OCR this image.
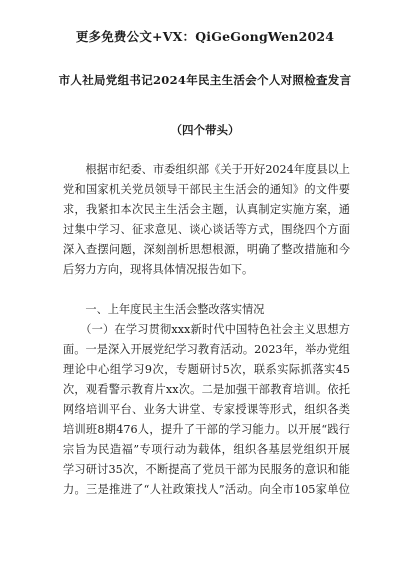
更多免费公文+VX：QiGeGongWen2024
市人社局党组书记2024年民主生活会个人对照检查发言
（四个带头）
　　根据市纪委、市委组织部《关于开好2024年度县以上
党和国家机关党员领导干部民主生活会的通知》的文件要
求，我紧扣本次民主生活会主题，认真制定实施方案，通
过集中学习、征求意见、谈心谈话等方式，围绕四个方面
深入查摆问题，深刻剖析思想根源，明确了整改措施和今
后努力方向，现将具体情况报告如下。
　　一、上年度民主生活会整改落实情况
　　（一）在学习贯彻xxx新时代中国特色社会主义思想方
面。一是深入开展党纪学习教育活动。2023年，举办党组
理论中心组学习9次，专题研讨5次，联系实际抓落实45
次，观看警示教育片xx次。二是加强干部教育培训。依托
网络培训平台、业务大讲堂、专家授课等形式，组织各类
培训班8期476人，提升了干部的学习能力。以开展“践行
宗旨为民造福”专项行动为载体，组织各基层党组织开展
学习研讨35次，不断提高了党员干部为民服务的意识和能
力。三是推进了“人社政策找人”活动。向全市105家单位
